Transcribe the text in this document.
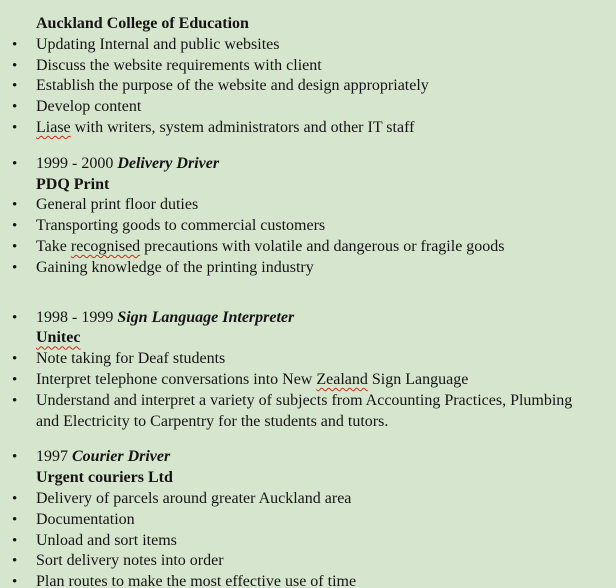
Auckland College of Education
• Updating Internal and public websites
• Discuss the website requirements with client
• Establish the purpose of the website and design appropriately
• Develop content
• Liase with writers, system administrators and other IT staff
• 1999 - 2000 Delivery Driver
PDQ Print
• General print floor duties
• Transporting goods to commercial customers
• Take recognised precautions with volatile and dangerous or fragile goods
• Gaining knowledge of the printing industry
• 1998 - 1999 Sign Language Interpreter
Unitec
• Note taking for Deaf students
• Interpret telephone conversations into New Zealand Sign Language
• Understand and interpret a variety of subjects from Accounting Practices, Plumbing and Electricity to Carpentry for the students and tutors.
• 1997 Courier Driver
Urgent couriers Ltd
• Delivery of parcels around greater Auckland area
• Documentation
• Unload and sort items
• Sort delivery notes into order
• Plan routes to make the most effective use of time
